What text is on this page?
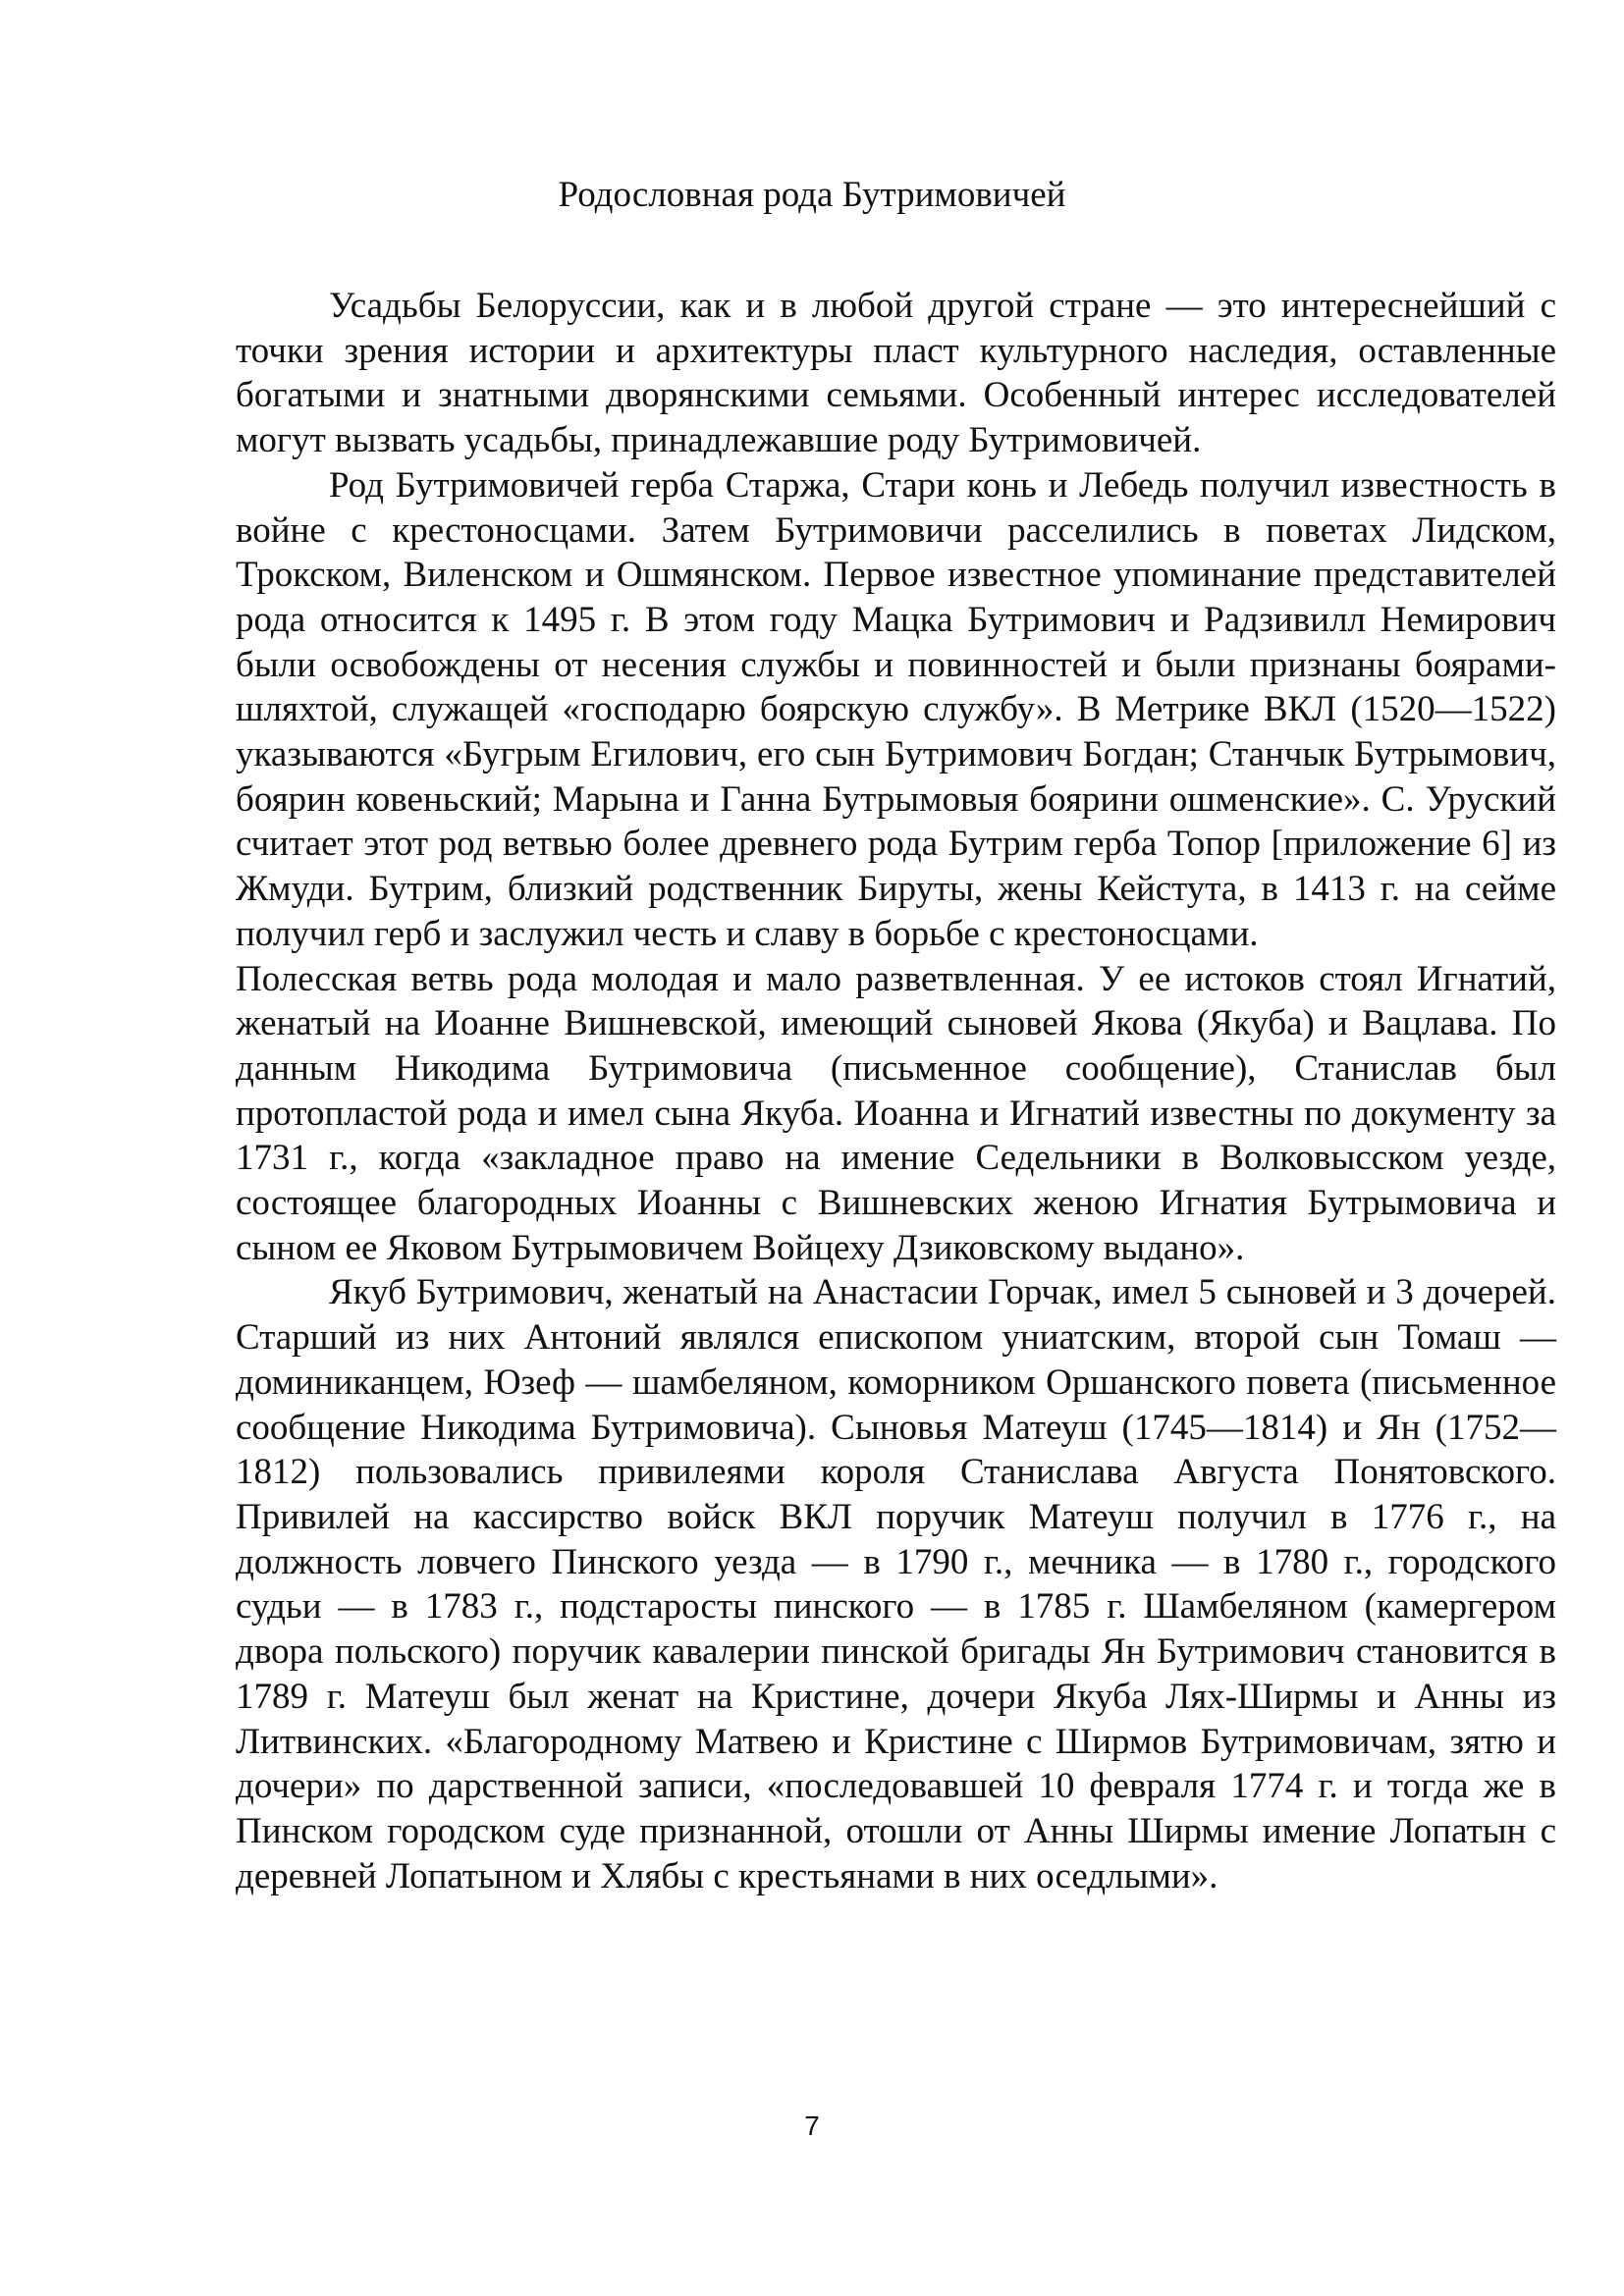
Родословная рода Бутримовичей

Усадьбы Белоруссии, как и в любой другой стране — это интереснейший с точки зрения истории и архитектуры пласт культурного наследия, оставленные богатыми и знатными дворянскими семьями. Особенный интерес исследователей могут вызвать усадьбы, принадлежавшие роду Бутримовичей.

Род Бутримовичей герба Старжа, Стари конь и Лебедь получил известность в войне с крестоносцами. Затем Бутримовичи расселились в поветах Лидском, Трокском, Виленском и Ошмянском. Первое известное упоминание представителей рода относится к 1495 г. В этом году Мацка Бутримович и Радзивилл Немирович были освобождены от несения службы и повинностей и были признаны боярами-шляхтой, служащей «господарю боярскую службу». В Метрике ВКЛ (1520—1522) указываются «Бугрым Егилович, его сын Бутримович Богдан; Станчык Бутрымович, боярин ковеньский; Марына и Ганна Бутрымовыя боярини ошменские». С. Уруский считает этот род ветвью более древнего рода Бутрим герба Топор [приложение 6] из Жмуди. Бутрим, близкий родственник Бируты, жены Кейстута, в 1413 г. на сейме получил герб и заслужил честь и славу в борьбе с крестоносцами.

Полесская ветвь рода молодая и мало разветвленная. У ее истоков стоял Игнатий, женатый на Иоанне Вишневской, имеющий сыновей Якова (Якуба) и Вацлава. По данным Никодима Бутримовича (письменное сообщение), Станислав был протопластой рода и имел сына Якуба. Иоанна и Игнатий известны по документу за 1731 г., когда «закладное право на имение Седельники в Волковысском уезде, состоящее благородных Иоанны с Вишневских женою Игнатия Бутрымовича и сыном ее Яковом Бутрымовичем Войцеху Дзиковскому выдано».

Якуб Бутримович, женатый на Анастасии Горчак, имел 5 сыновей и 3 дочерей. Старший из них Антоний являлся епископом униатским, второй сын Томаш — доминиканцем, Юзеф — шамбеляном, коморником Оршанского повета (письменное сообщение Никодима Бутримовича). Сыновья Матеуш (1745—1814) и Ян (1752—1812) пользовались привилеями короля Станислава Августа Понятовского. Привилей на кассирство войск ВКЛ поручик Матеуш получил в 1776 г., на должность ловчего Пинского уезда — в 1790 г., мечника — в 1780 г., городского судьи — в 1783 г., подстаросты пинского — в 1785 г. Шамбеляном (камергером двора польского) поручик кавалерии пинской бригады Ян Бутримович становится в 1789 г. Матеуш был женат на Кристине, дочери Якуба Лях-Ширмы и Анны из Литвинских. «Благородному Матвею и Кристине с Ширмов Бутримовичам, зятю и дочери» по дарственной записи, «последовавшей 10 февраля 1774 г. и тогда же в Пинском городском суде признанной, отошли от Анны Ширмы имение Лопатын с деревней Лопатыном и Хлябы с крестьянами в них оседлыми».

7
